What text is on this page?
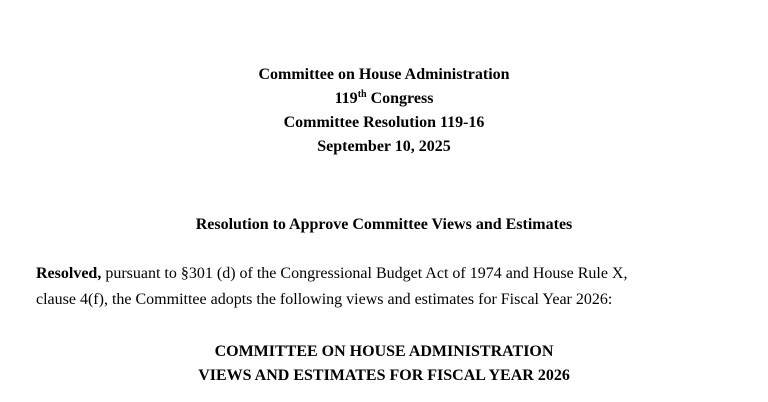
Committee on House Administration
119th Congress
Committee Resolution 119-16
September 10, 2025
Resolution to Approve Committee Views and Estimates
Resolved, pursuant to §301 (d) of the Congressional Budget Act of 1974 and House Rule X,
clause 4(f), the Committee adopts the following views and estimates for Fiscal Year 2026:
COMMITTEE ON HOUSE ADMINISTRATION
VIEWS AND ESTIMATES FOR FISCAL YEAR 2026
